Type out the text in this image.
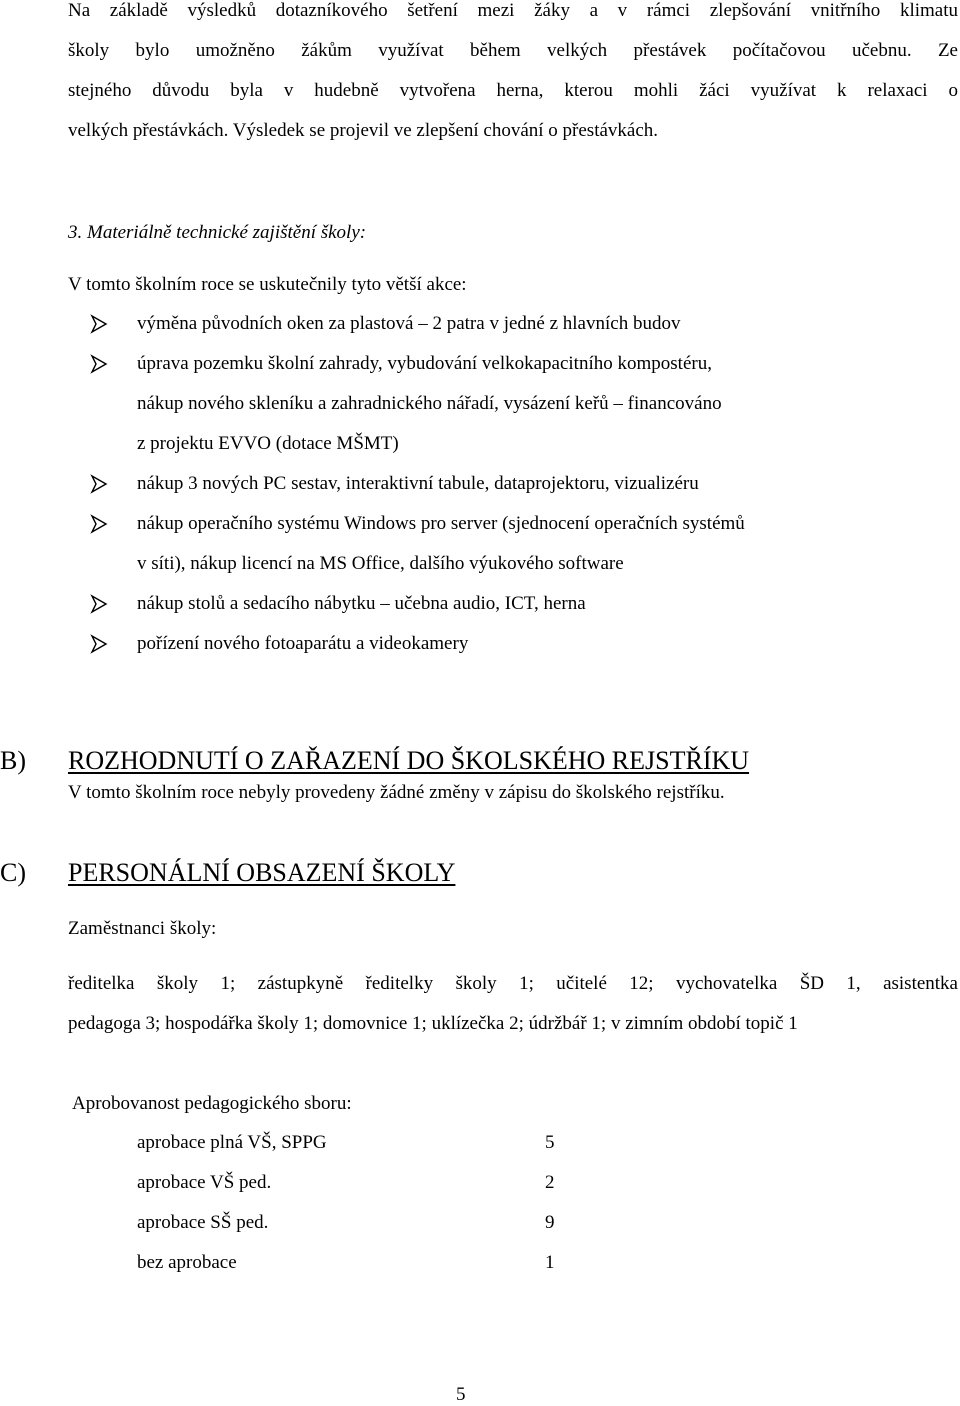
Na základě výsledků dotazníkového šetření mezi žáky a v rámci zlepšování vnitřního klimatu
školy bylo umožněno žákům využívat během velkých přestávek počítačovou učebnu. Ze
stejného důvodu byla v hudebně vytvořena herna, kterou mohli žáci využívat k relaxaci o
velkých přestávkách. Výsledek se projevil ve zlepšení chování o přestávkách.
3. Materiálně technické zajištění školy:
V tomto školním roce se uskutečnily tyto větší akce:
výměna původních oken za plastová – 2 patra v jedné z hlavních budov
úprava pozemku školní zahrady, vybudování velkokapacitního kompostéru,
nákup nového skleníku a zahradnického nářadí, vysázení keřů – financováno
z projektu EVVO (dotace MŠMT)
nákup 3 nových PC sestav, interaktivní tabule, dataprojektoru, vizualizéru
nákup operačního systému Windows pro server (sjednocení operačních systémů
v síti), nákup licencí na MS Office, dalšího výukového software
nákup stolů a sedacího nábytku – učebna audio, ICT, herna
pořízení nového fotoaparátu a videokamery
B) ROZHODNUTÍ O ZAŘAZENÍ DO ŠKOLSKÉHO REJSTŘÍKU
V tomto školním roce nebyly provedeny žádné změny v zápisu do školského rejstříku.
C) PERSONÁLNÍ OBSAZENÍ ŠKOLY
Zaměstnanci školy:
ředitelka školy 1; zástupkyně ředitelky školy 1; učitelé 12; vychovatelka ŠD 1, asistentka
pedagoga 3; hospodářka školy 1; domovnice 1; uklízečka 2; údržbář 1; v zimním období topič 1
Aprobovanost pedagogického sboru:
aprobace plná VŠ, SPPG	5
aprobace VŠ ped.	2
aprobace SŠ ped.	9
bez aprobace	1
5
